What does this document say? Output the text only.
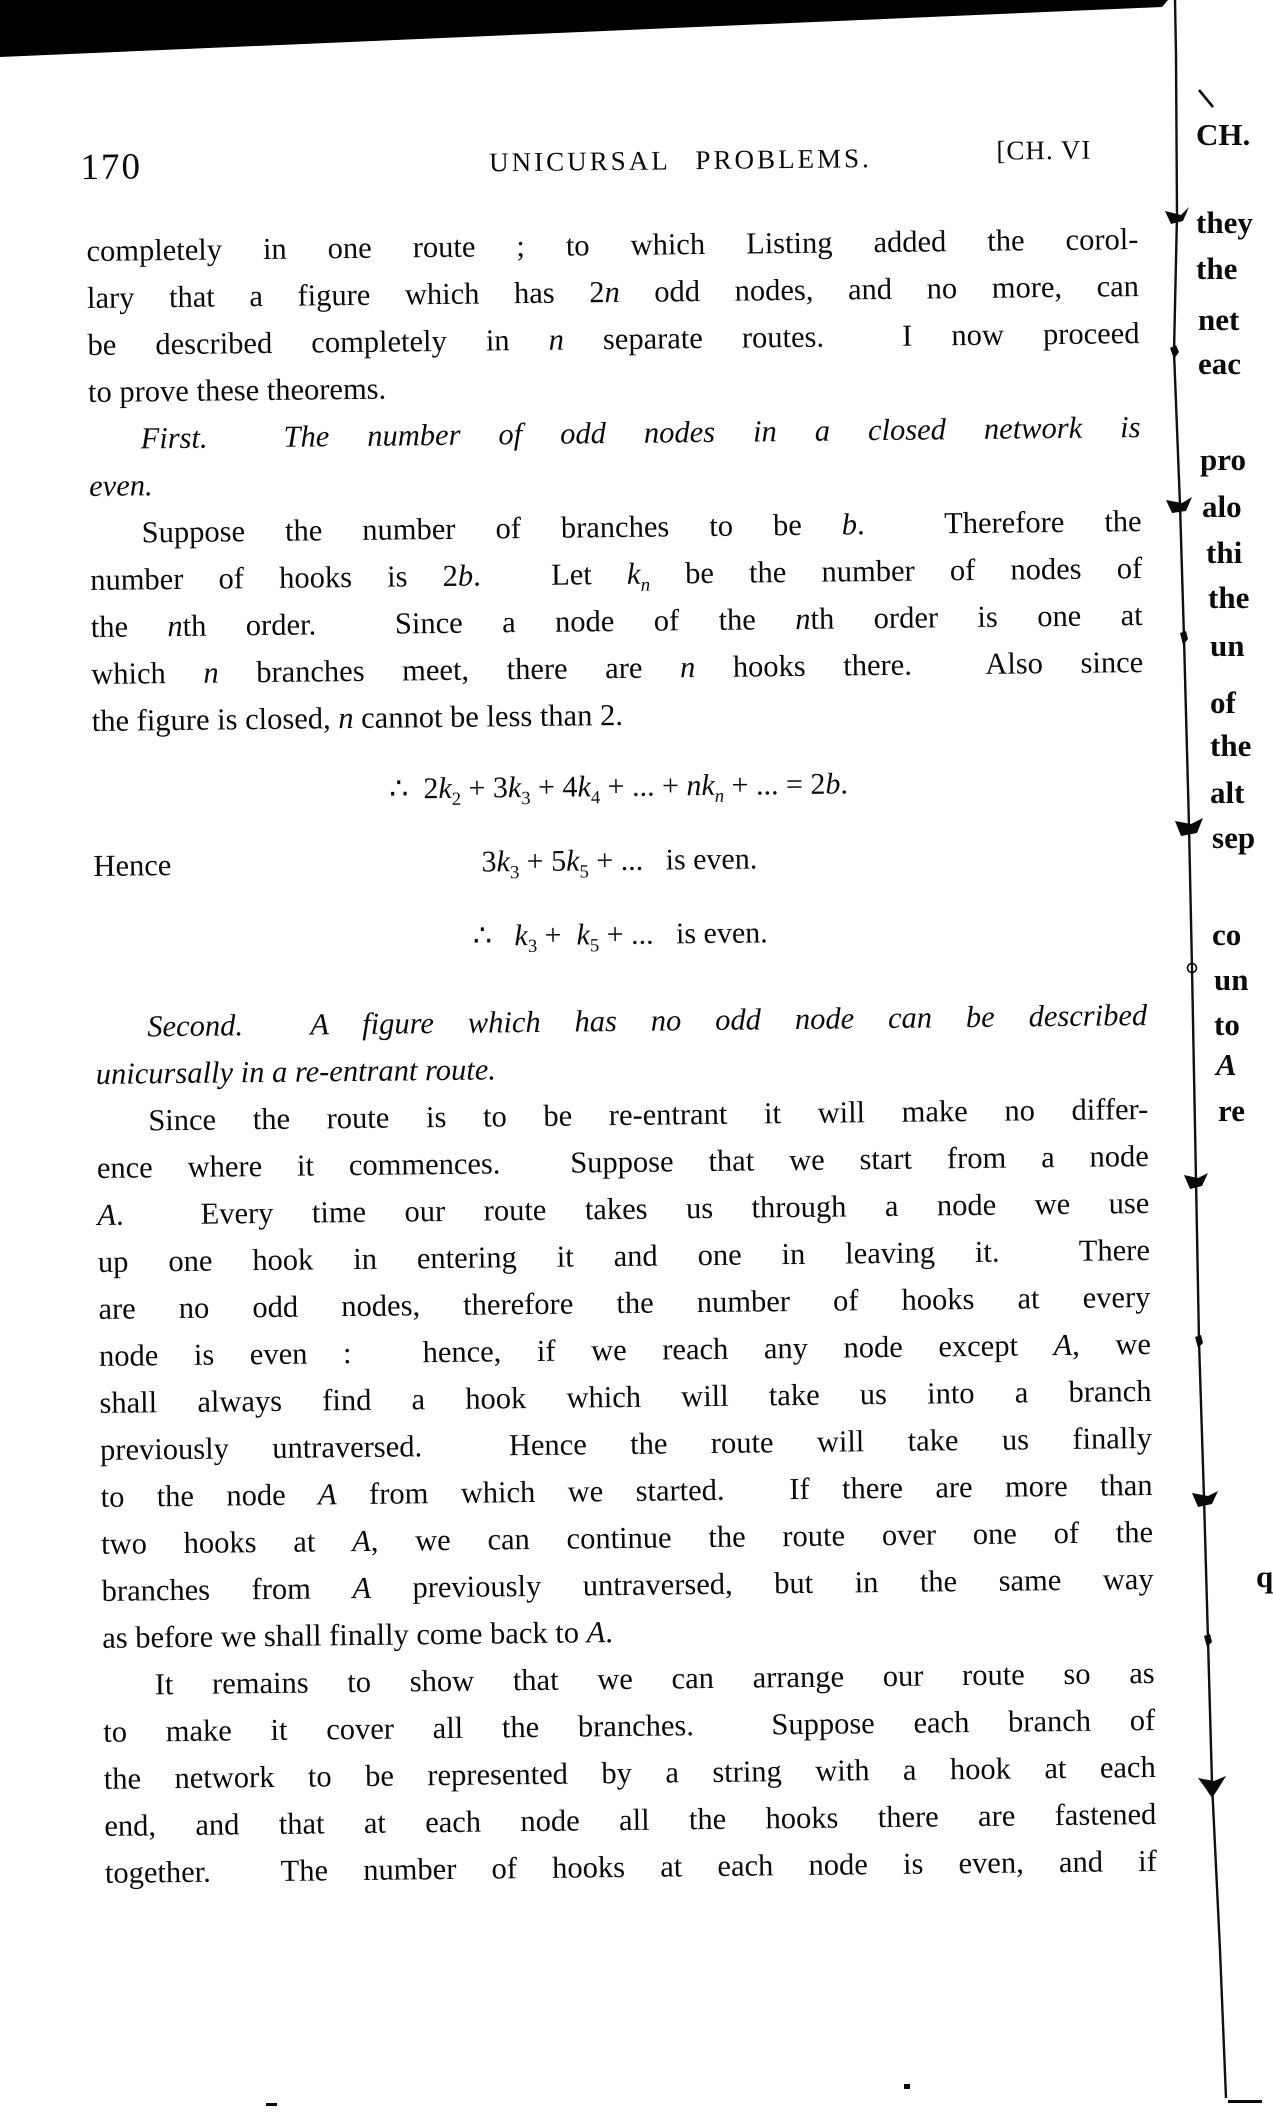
170	UNICURSAL PROBLEMS.	[CH. VI
completely in one route ; to which Listing added the corol-
lary that a figure which has 2n odd nodes, and no more, can
be described completely in n separate routes.  I now proceed
to prove these theorems.
First.  The number of odd nodes in a closed network is
even.
Suppose the number of branches to be b.  Therefore the
number of hooks is 2b.  Let $k_n$ be the number of nodes of
the nth order.  Since a node of the nth order is one at
which n branches meet, there are n hooks there.  Also since
the figure is closed, n cannot be less than 2.
∴  $2k_2 + 3k_3 + 4k_4$ + ... + $nk_n$ + ... = 2b.
Hence	$3k_3 + 5k_5$ + ...   is even.
∴   $k_3 + k_5$ + ...   is even.
Second.  A figure which has no odd node can be described
unicursally in a re-entrant route.
Since the route is to be re-entrant it will make no differ-
ence where it commences.  Suppose that we start from a node
A.  Every time our route takes us through a node we use
up one hook in entering it and one in leaving it.  There
are no odd nodes, therefore the number of hooks at every
node is even :  hence, if we reach any node except A, we
shall always find a hook which will take us into a branch
previously untraversed.  Hence the route will take us finally
to the node A from which we started.  If there are more than
two hooks at A, we can continue the route over one of the
branches from A previously untraversed, but in the same way
as before we shall finally come back to A.
It remains to show that we can arrange our route so as
to make it cover all the branches.  Suppose each branch of
the network to be represented by a string with a hook at each
end, and that at each node all the hooks there are fastened
together.  The number of hooks at each node is even, and if
CH.
they
the
net
eac
pro
alo
thi
the
un
of
the
alt
sep
co
un
to
A
re
q
